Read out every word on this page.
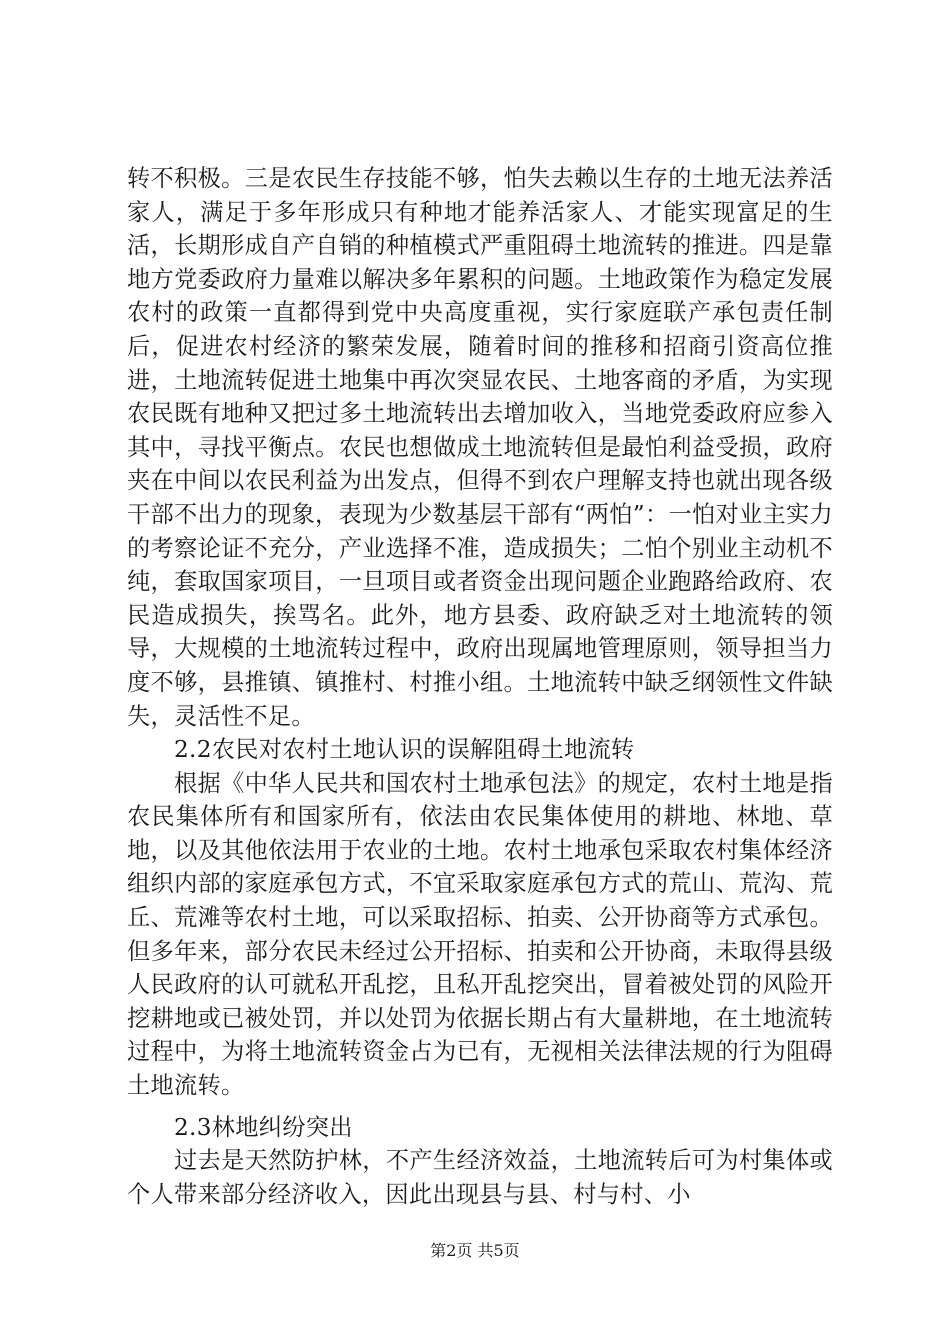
转不积极。三是农民生存技能不够，怕失去赖以生存的土地无法养活家人，满足于多年形成只有种地才能养活家人、才能实现富足的生活，长期形成自产自销的种植模式严重阻碍土地流转的推进。四是靠地方党委政府力量难以解决多年累积的问题。土地政策作为稳定发展农村的政策一直都得到党中央高度重视，实行家庭联产承包责任制后，促进农村经济的繁荣发展，随着时间的推移和招商引资高位推进，土地流转促进土地集中再次突显农民、土地客商的矛盾，为实现农民既有地种又把过多土地流转出去增加收入，当地党委政府应参入其中，寻找平衡点。农民也想做成土地流转但是最怕利益受损，政府夹在中间以农民利益为出发点，但得不到农户理解支持也就出现各级干部不出力的现象，表现为少数基层干部有“两怕”：一怕对业主实力的考察论证不充分，产业选择不准，造成损失；二怕个别业主动机不纯，套取国家项目，一旦项目或者资金出现问题企业跑路给政府、农民造成损失，挨骂名。此外，地方县委、政府缺乏对土地流转的领导，大规模的土地流转过程中，政府出现属地管理原则，领导担当力度不够，县推镇、镇推村、村推小组。土地流转中缺乏纲领性文件缺失，灵活性不足。

2.2农民对农村土地认识的误解阻碍土地流转

根据《中华人民共和国农村土地承包法》的规定，农村土地是指农民集体所有和国家所有，依法由农民集体使用的耕地、林地、草地，以及其他依法用于农业的土地。农村土地承包采取农村集体经济组织内部的家庭承包方式，不宜采取家庭承包方式的荒山、荒沟、荒丘、荒滩等农村土地，可以采取招标、拍卖、公开协商等方式承包。但多年来，部分农民未经过公开招标、拍卖和公开协商，未取得县级人民政府的认可就私开乱挖，且私开乱挖突出，冒着被处罚的风险开挖耕地或已被处罚，并以处罚为依据长期占有大量耕地，在土地流转过程中，为将土地流转资金占为已有，无视相关法律法规的行为阻碍土地流转。

2.3林地纠纷突出

过去是天然防护林，不产生经济效益，土地流转后可为村集体或个人带来部分经济收入，因此出现县与县、村与村、小

第2页 共5页
